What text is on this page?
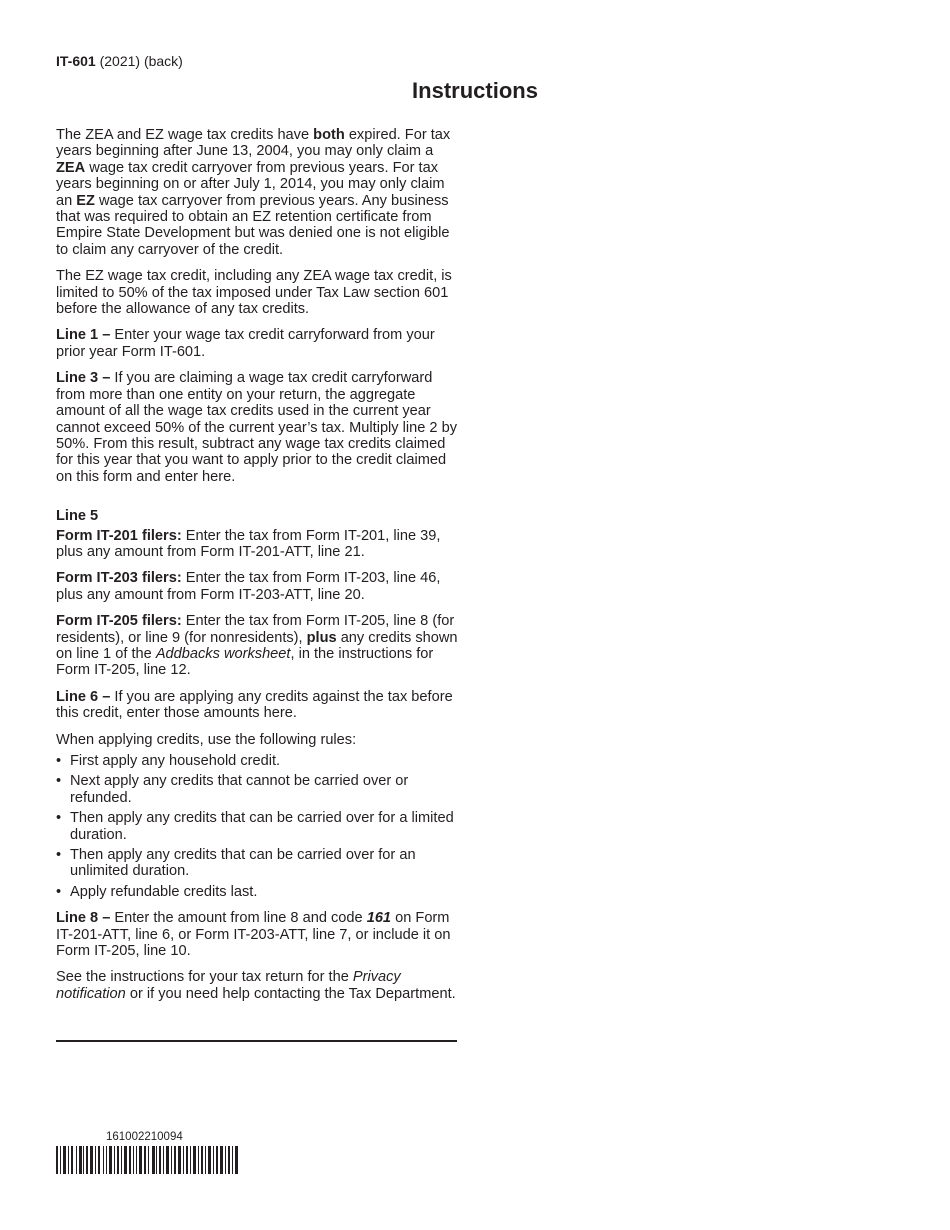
IT-601 (2021) (back)
Instructions

The ZEA and EZ wage tax credits have both expired. For tax years beginning after June 13, 2004, you may only claim a ZEA wage tax credit carryover from previous years. For tax years beginning on or after July 1, 2014, you may only claim an EZ wage tax carryover from previous years. Any business that was required to obtain an EZ retention certificate from Empire State Development but was denied one is not eligible to claim any carryover of the credit.

The EZ wage tax credit, including any ZEA wage tax credit, is limited to 50% of the tax imposed under Tax Law section 601 before the allowance of any tax credits.

Line 1 – Enter your wage tax credit carryforward from your prior year Form IT-601.

Line 3 – If you are claiming a wage tax credit carryforward from more than one entity on your return, the aggregate amount of all the wage tax credits used in the current year cannot exceed 50% of the current year’s tax. Multiply line 2 by 50%. From this result, subtract any wage tax credits claimed for this year that you want to apply prior to the credit claimed on this form and enter here.

Line 5

Form IT-201 filers: Enter the tax from Form IT-201, line 39, plus any amount from Form IT-201-ATT, line 21.

Form IT-203 filers: Enter the tax from Form IT-203, line 46, plus any amount from Form IT-203-ATT, line 20.

Form IT-205 filers: Enter the tax from Form IT-205, line 8 (for residents), or line 9 (for nonresidents), plus any credits shown on line 1 of the Addbacks worksheet, in the instructions for Form IT-205, line 12.

Line 6 – If you are applying any credits against the tax before this credit, enter those amounts here.

When applying credits, use the following rules:

• First apply any household credit.
• Next apply any credits that cannot be carried over or refunded.
• Then apply any credits that can be carried over for a limited duration.
• Then apply any credits that can be carried over for an unlimited duration.
• Apply refundable credits last.

Line 8 – Enter the amount from line 8 and code 161 on Form IT-201-ATT, line 6, or Form IT-203-ATT, line 7, or include it on Form IT-205, line 10.

See the instructions for your tax return for the Privacy notification or if you need help contacting the Tax Department.

161002210094
